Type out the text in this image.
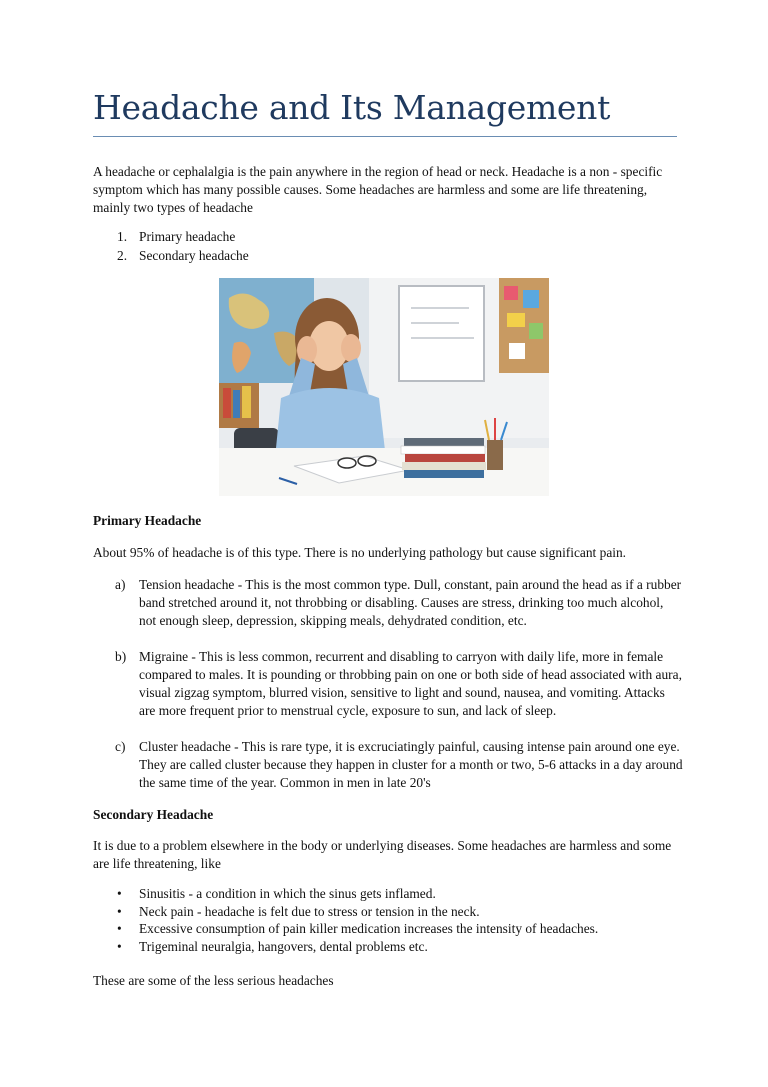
Headache and Its Management

A headache or cephalalgia is the pain anywhere in the region of head or neck. Headache is a non - specific symptom which has many possible causes. Some headaches are harmless and some are life threatening, mainly two types of headache

1. Primary headache
2. Secondary headache
Primary Headache

About 95% of headache is of this type. There is no underlying pathology but cause significant pain.

a) Tension headache - This is the most common type. Dull, constant, pain around the head as if a rubber band stretched around it, not throbbing or disabling. Causes are stress, drinking too much alcohol, not enough sleep, depression, skipping meals, dehydrated condition, etc.
b) Migraine - This is less common, recurrent and disabling to carryon with daily life, more in female compared to males. It is pounding or throbbing pain on one or both side of head associated with aura, visual zigzag symptom, blurred vision, sensitive to light and sound, nausea, and vomiting. Attacks are more frequent prior to menstrual cycle, exposure to sun, and lack of sleep.
c) Cluster headache - This is rare type, it is excruciatingly painful, causing intense pain around one eye. They are called cluster because they happen in cluster for a month or two, 5-6 attacks in a day around the same time of the year. Common in men in late 20's
Secondary Headache

It is due to a problem elsewhere in the body or underlying diseases. Some headaches are harmless and some are life threatening, like

• Sinusitis - a condition in which the sinus gets inflamed.
• Neck pain - headache is felt due to stress or tension in the neck.
• Excessive consumption of pain killer medication increases the intensity of headaches.
• Trigeminal neuralgia, hangovers, dental problems etc.

These are some of the less serious headaches
